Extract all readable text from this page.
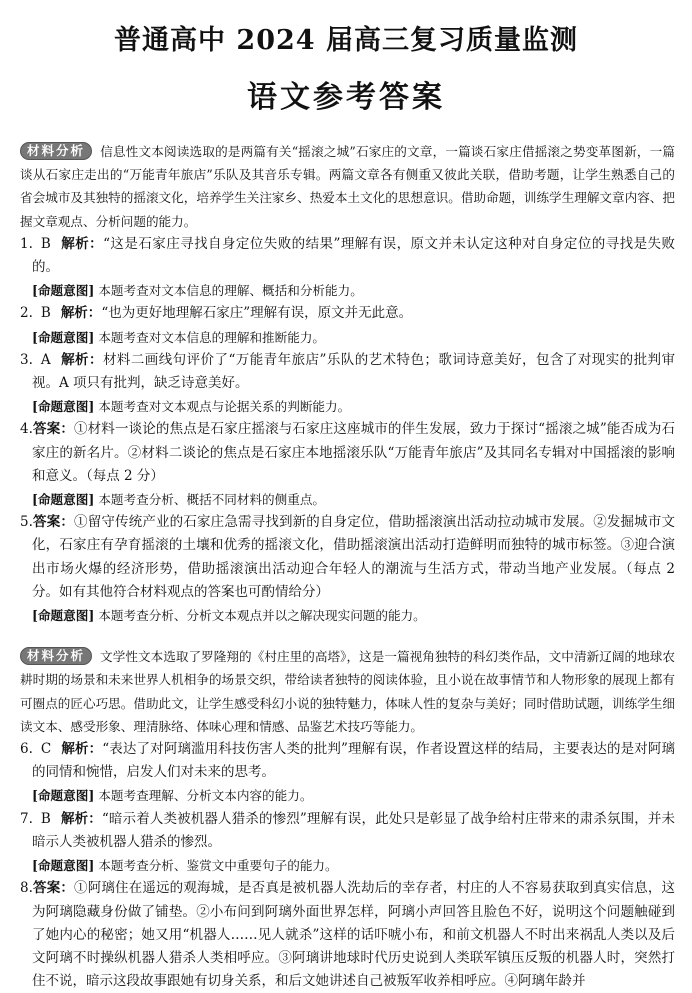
普通高中 2024 届高三复习质量监测
语文参考答案

材料分析 信息性文本阅读选取的是两篇有关“摇滚之城”石家庄的文章，一篇谈石家庄借摇滚之势变革图新，一篇谈从石家庄走出的“万能青年旅店”乐队及其音乐专辑。两篇文章各有侧重又彼此关联，借助考题，让学生熟悉自己的省会城市及其独特的摇滚文化，培养学生关注家乡、热爱本土文化的思想意识。借助命题，训练学生理解文章内容、把握文章观点、分析问题的能力。

1. B 解析：“这是石家庄寻找自身定位失败的结果”理解有误，原文并未认定这种对自身定位的寻找是失败的。

[命题意图] 本题考查对文本信息的理解、概括和分析能力。

2. B 解析：“也为更好地理解石家庄”理解有误，原文并无此意。

[命题意图] 本题考查对文本信息的理解和推断能力。

3. A 解析：材料二画线句评价了“万能青年旅店”乐队的艺术特色；歌词诗意美好，包含了对现实的批判审视。A 项只有批判，缺乏诗意美好。

[命题意图] 本题考查对文本观点与论据关系的判断能力。

4.答案：①材料一谈论的焦点是石家庄摇滚与石家庄这座城市的伴生发展，致力于探讨“摇滚之城”能否成为石家庄的新名片。②材料二谈论的焦点是石家庄本地摇滚乐队“万能青年旅店”及其同名专辑对中国摇滚的影响和意义。（每点 2 分）

[命题意图] 本题考查分析、概括不同材料的侧重点。

5.答案：①留守传统产业的石家庄急需寻找到新的自身定位，借助摇滚演出活动拉动城市发展。②发掘城市文化，石家庄有孕育摇滚的土壤和优秀的摇滚文化，借助摇滚演出活动打造鲜明而独特的城市标签。③迎合演出市场火爆的经济形势，借助摇滚演出活动迎合年轻人的潮流与生活方式，带动当地产业发展。（每点 2 分。如有其他符合材料观点的答案也可酌情给分）

[命题意图] 本题考查分析、分析文本观点并以之解决现实问题的能力。

材料分析 文学性文本选取了罗隆翔的《村庄里的高塔》，这是一篇视角独特的科幻类作品，文中清新辽阔的地球农耕时期的场景和未来世界人机相争的场景交织，带给读者独特的阅读体验，且小说在故事情节和人物形象的展现上都有可圈点的匠心巧思。借助此文，让学生感受科幻小说的独特魅力，体味人性的复杂与美好；同时借助试题，训练学生细读文本、感受形象、理清脉络、体味心理和情感、品鉴艺术技巧等能力。

6. C 解析：“表达了对阿璃滥用科技伤害人类的批判”理解有误，作者设置这样的结局，主要表达的是对阿璃的同情和惋惜，启发人们对未来的思考。

[命题意图] 本题考查理解、分析文本内容的能力。

7. B 解析：“暗示着人类被机器人猎杀的惨烈”理解有误，此处只是彰显了战争给村庄带来的肃杀氛围，并未暗示人类被机器人猎杀的惨烈。

[命题意图] 本题考查分析、鉴赏文中重要句子的能力。

8.答案：①阿璃住在遥远的观海城，是否真是被机器人洗劫后的幸存者，村庄的人不容易获取到真实信息，这为阿璃隐藏身份做了铺垫。②小布问到阿璃外面世界怎样，阿璃小声回答且脸色不好，说明这个问题触碰到了她内心的秘密；她又用“机器人……见人就杀”这样的话吓唬小布，和前文机器人不时出来祸乱人类以及后文阿璃不时操纵机器人猎杀人类相呼应。③阿璃讲地球时代历史说到人类联军镇压反叛的机器人时，突然打住不说，暗示这段故事跟她有切身关系，和后文她讲述自己被叛军收养相呼应。④阿璃年龄并
